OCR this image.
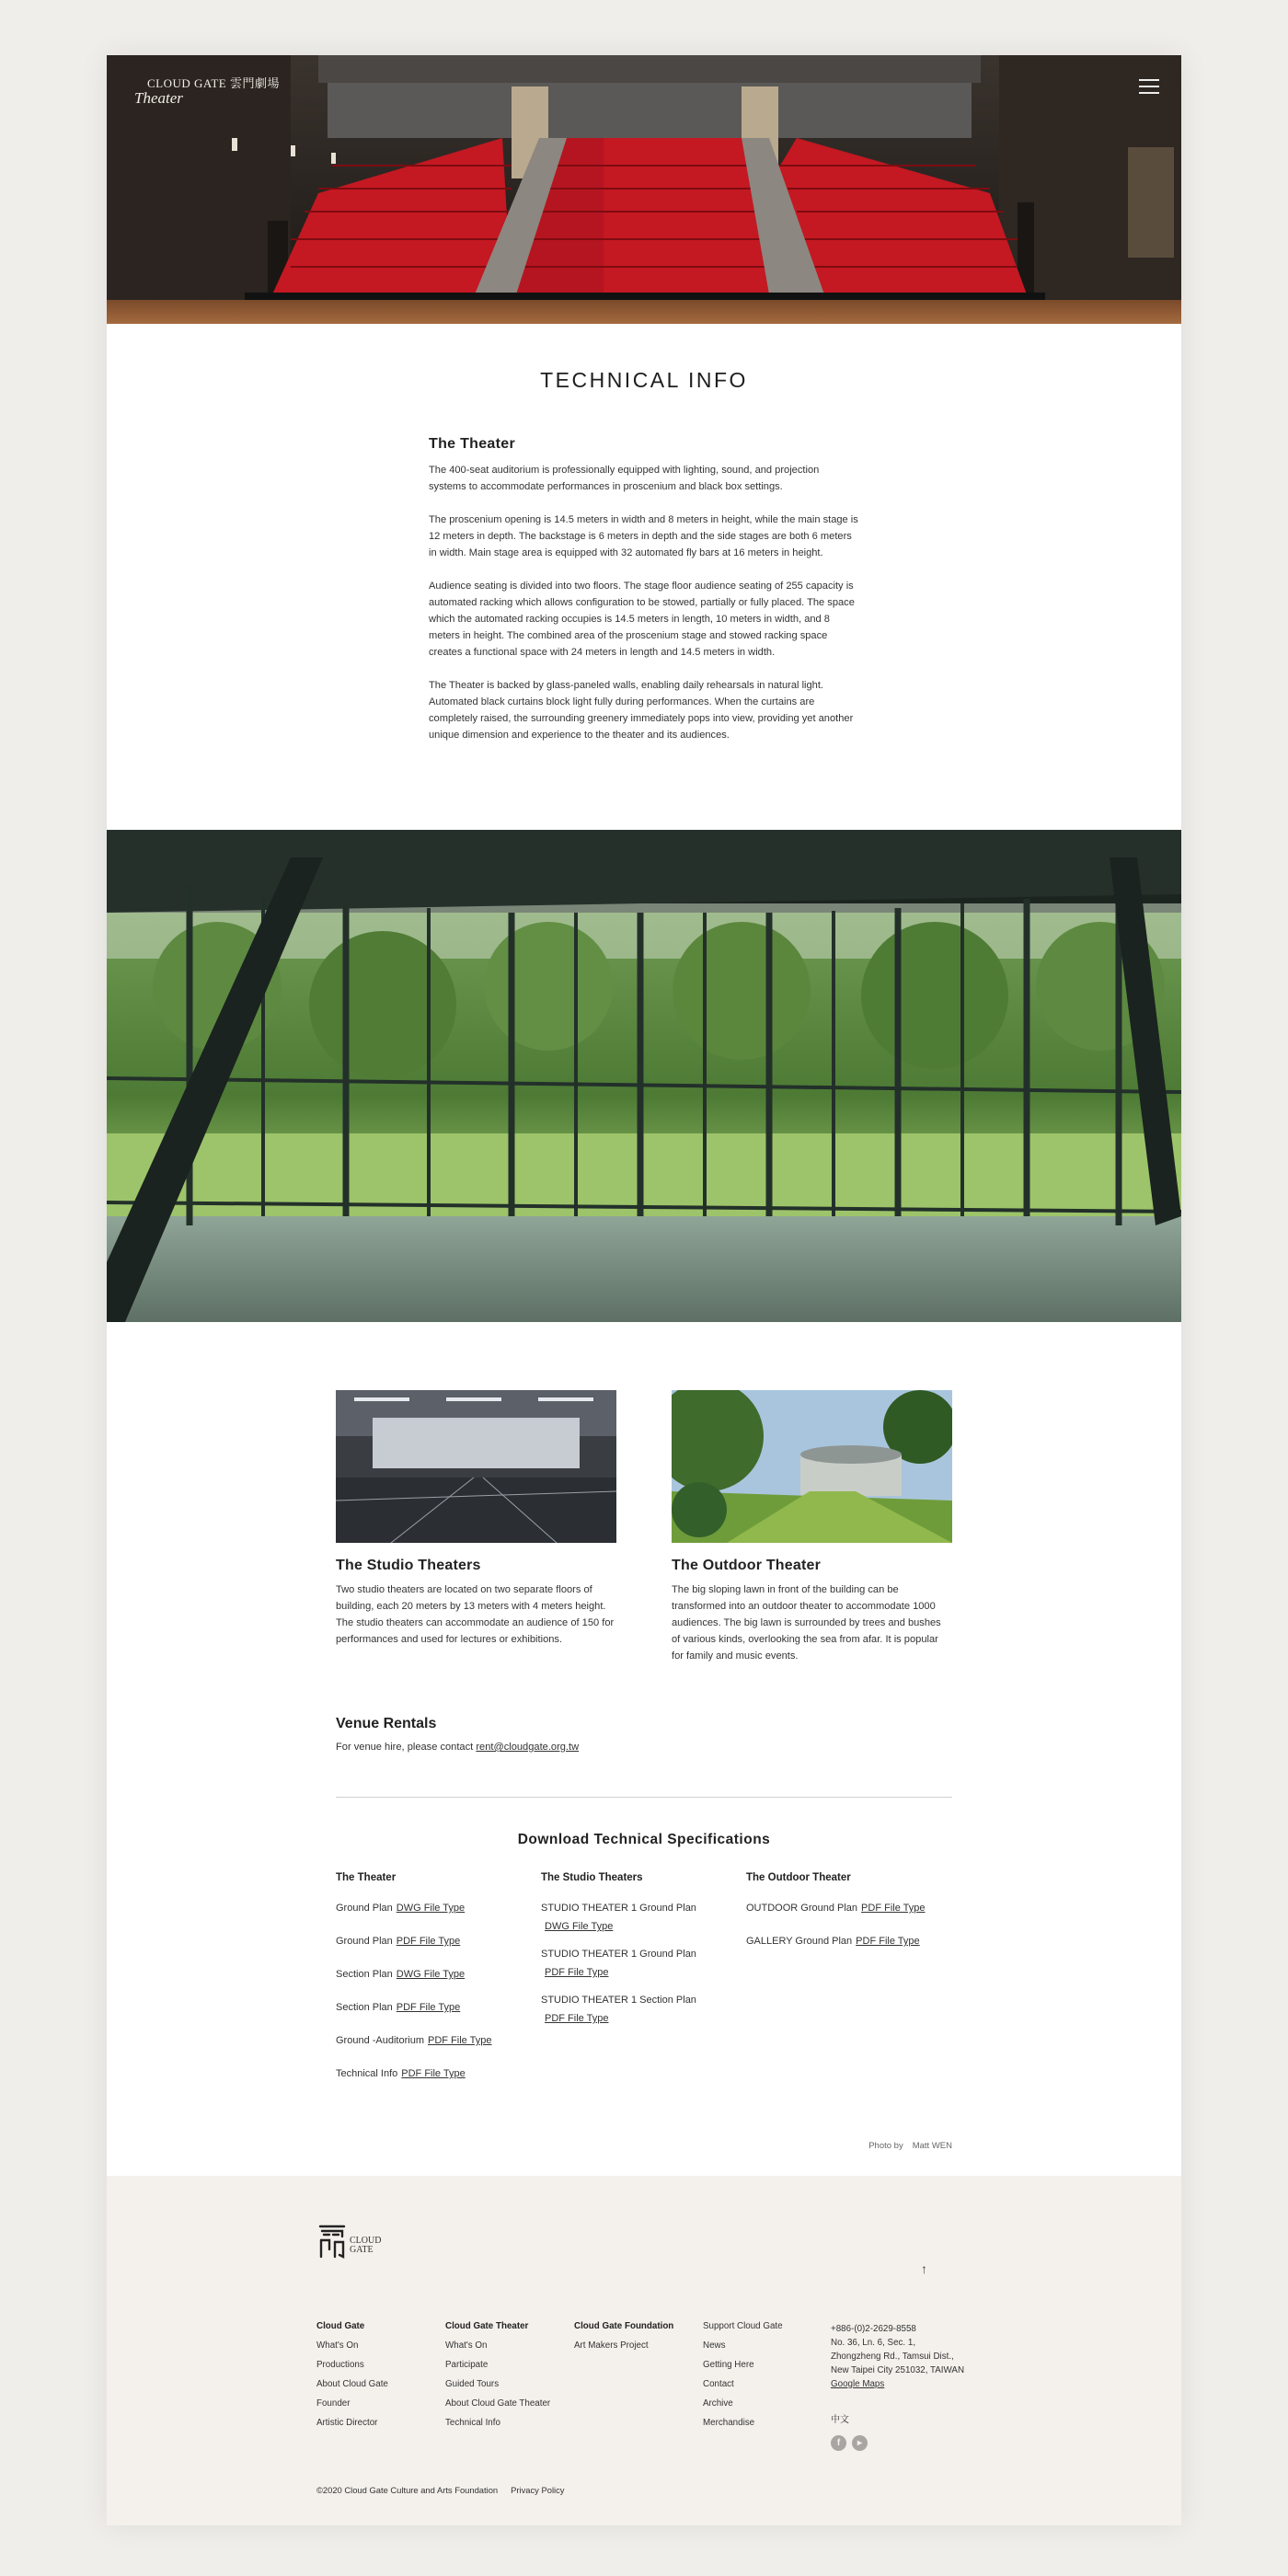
CLOUD GATE 雲門劇場
Theater
TECHNICAL INFO
The Theater

The 400-seat auditorium is professionally equipped with lighting, sound, and projection systems to accommodate performances in proscenium and black box settings.

The proscenium opening is 14.5 meters in width and 8 meters in height, while the main stage is 12 meters in depth. The backstage is 6 meters in depth and the side stages are both 6 meters in width. Main stage area is equipped with 32 automated fly bars at 16 meters in height.

Audience seating is divided into two floors. The stage floor audience seating of 255 capacity is automated racking which allows configuration to be stowed, partially or fully placed. The space which the automated racking occupies is 14.5 meters in length, 10 meters in width, and 8 meters in height. The combined area of the proscenium stage and stowed racking space creates a functional space with 24 meters in length and 14.5 meters in width.

The Theater is backed by glass-paneled walls, enabling daily rehearsals in natural light. Automated black curtains block light fully during performances. When the curtains are completely raised, the surrounding greenery immediately pops into view, providing yet another unique dimension and experience to the theater and its audiences.

The Studio Theaters

Two studio theaters are located on two separate floors of building, each 20 meters by 13 meters with 4 meters height. The studio theaters can accommodate an audience of 150 for performances and used for lectures or exhibitions.

The Outdoor Theater

The big sloping lawn in front of the building can be transformed into an outdoor theater to accommodate 1000 audiences. The big lawn is surrounded by trees and bushes of various kinds, overlooking the sea from afar. It is popular for family and music events.

Venue Rentals

For venue hire, please contact rent@cloudgate.org.tw

Download Technical Specifications
The Theater
Ground Plan DWG File Type
Ground Plan PDF File Type
Section Plan DWG File Type
Section Plan PDF File Type
Ground -Auditorium PDF File Type
Technical Info PDF File Type
The Studio Theaters
STUDIO THEATER 1 Ground Plan
DWG File Type
STUDIO THEATER 1 Ground Plan
PDF File Type
STUDIO THEATER 1 Section Plan
PDF File Type
The Outdoor Theater
OUTDOOR Ground Plan PDF File Type
GALLERY Ground Plan PDF File Type
Photo by Matt WEN
CLOUD
GATE
↑
Cloud Gate
What's On
Productions
About Cloud Gate
Founder
Artistic Director
Cloud Gate Theater
What's On
Participate
Guided Tours
About Cloud Gate Theater
Technical Info
Cloud Gate Foundation
Art Makers Project
Support Cloud Gate
News
Getting Here
Contact
Archive
Merchandise
+886-(0)2-2629-8558
No. 36, Ln. 6, Sec. 1,
Zhongzheng Rd., Tamsui Dist.,
New Taipei City 251032, TAIWAN
Google Maps
中文
f	▸
©2020 Cloud Gate Culture and Arts Foundation Privacy Policy
